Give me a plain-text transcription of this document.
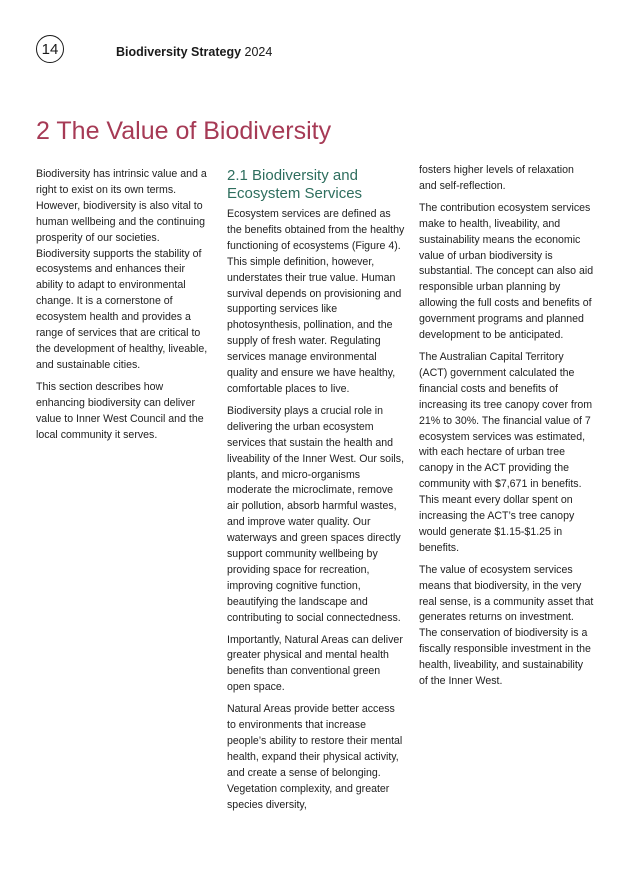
14	Biodiversity Strategy 2024
2 The Value of Biodiversity

Biodiversity has intrinsic value and a right to exist on its own terms. However, biodiversity is also vital to human wellbeing and the continuing prosperity of our societies. Biodiversity supports the stability of ecosystems and enhances their ability to adapt to environmental change. It is a cornerstone of ecosystem health and provides a range of services that are critical to the development of healthy, liveable, and sustainable cities.

This section describes how enhancing biodiversity can deliver value to Inner West Council and the local community it serves.

2.1 Biodiversity and
Ecosystem Services

Ecosystem services are defined as the benefits obtained from the healthy functioning of ecosystems (Figure 4). This simple definition, however, understates their true value. Human survival depends on provisioning and supporting services like photosynthesis, pollination, and the supply of fresh water. Regulating services manage environmental quality and ensure we have healthy, comfortable places to live.

Biodiversity plays a crucial role in delivering the urban ecosystem services that sustain the health and liveability of the Inner West. Our soils, plants, and micro-organisms moderate the microclimate, remove air pollution, absorb harmful wastes, and improve water quality. Our waterways and green spaces directly support community wellbeing by providing space for recreation, improving cognitive function, beautifying the landscape and contributing to social connectedness.

Importantly, Natural Areas can deliver greater physical and mental health benefits than conventional green open space.

Natural Areas provide better access to environments that increase people’s ability to restore their mental health, expand their physical activity, and create a sense of belonging. Vegetation complexity, and greater species diversity,

fosters higher levels of relaxation and self-reflection.

The contribution ecosystem services make to health, liveability, and sustainability means the economic value of urban biodiversity is substantial. The concept can also aid responsible urban planning by allowing the full costs and benefits of government programs and planned development to be anticipated.

The Australian Capital Territory (ACT) government calculated the financial costs and benefits of increasing its tree canopy cover from 21% to 30%. The financial value of 7 ecosystem services was estimated, with each hectare of urban tree canopy in the ACT providing the community with $7,671 in benefits. This meant every dollar spent on increasing the ACT’s tree canopy would generate $1.15-$1.25 in benefits.

The value of ecosystem services means that biodiversity, in the very real sense, is a community asset that generates returns on investment. The conservation of biodiversity is a fiscally responsible investment in the health, liveability, and sustainability of the Inner West.
